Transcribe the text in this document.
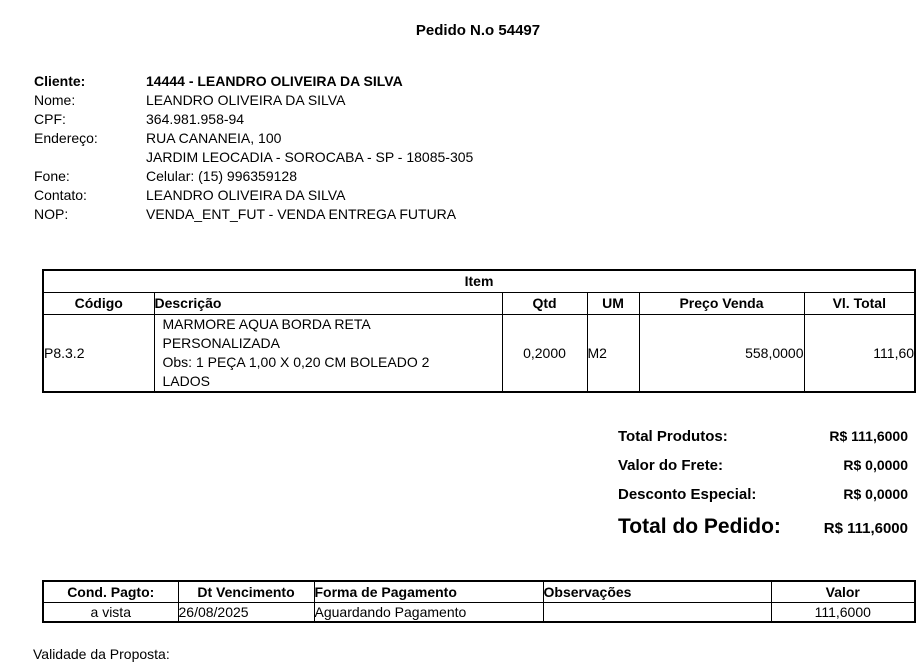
Pedido N.o 54497
Cliente:	14444 - LEANDRO OLIVEIRA DA SILVA
Nome:	LEANDRO OLIVEIRA DA SILVA
CPF:	364.981.958-94
Endereço:	RUA CANANEIA, 100
JARDIM LEOCADIA - SOROCABA - SP - 18085-305
Fone:	Celular: (15) 996359128
Contato:	LEANDRO OLIVEIRA DA SILVA
NOP:	VENDA_ENT_FUT - VENDA ENTREGA FUTURA
Item					
Código	Descrição	Qtd	UM	Preço Venda	Vl. Total
P8.3.2	MARMORE AQUA BORDA RETA
PERSONALIZADA
Obs: 1 PEÇA 1,00 X 0,20 CM BOLEADO 2
LADOS	0,2000	M2	558,0000	111,60
Total Produtos:	R$ 111,6000
Valor do Frete:	R$ 0,0000
Desconto Especial:	R$ 0,0000
Total do Pedido:	R$ 111,6000
Cond. Pagto:	Dt Vencimento	Forma de Pagamento	Observações	Valor
a vista	26/08/2025	Aguardando Pagamento		111,6000
Validade da Proposta:
